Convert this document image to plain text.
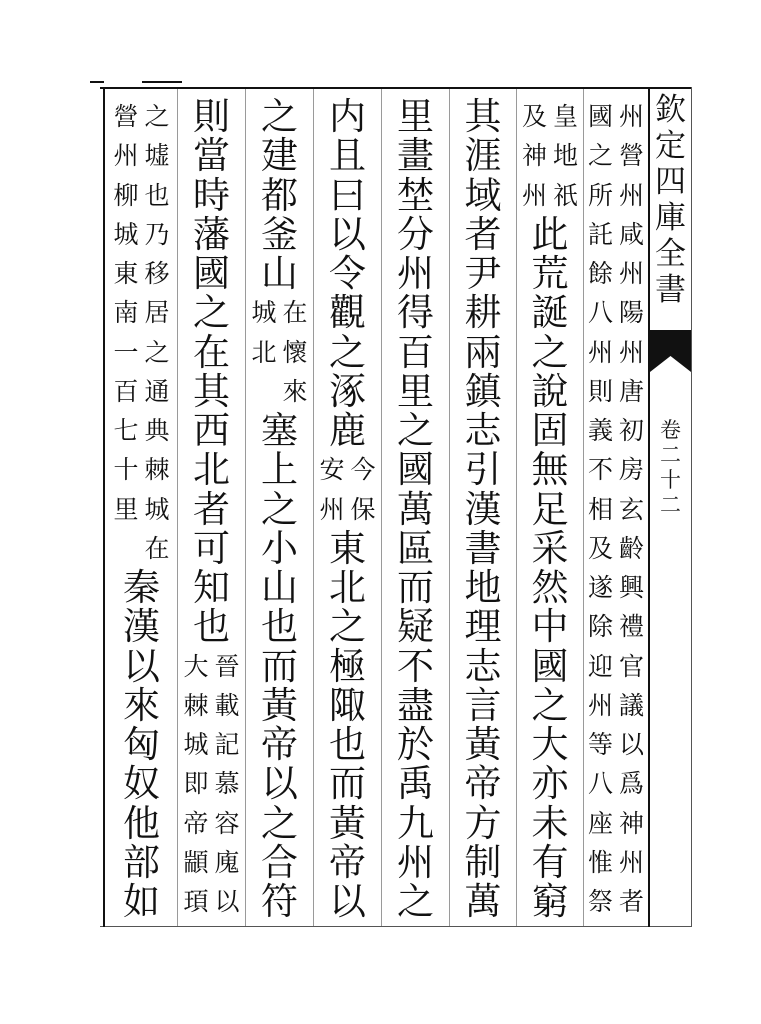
欽
定
四
庫
全
書
卷
二
十
二
州
營
州
咸
州
陽
州
唐
初
房
玄
齡
興
禮
官
議
以
爲
神
州
者
國
之
所
託
餘
八
州
則
義
不
相
及
遂
除
迎
州
等
八
座
惟
祭
皇
地
祇
及
神
州
此
荒
誕
之
說
固
無
足
采
然
中
國
之
大
亦
未
有
窮
其
涯
域
者
尹
耕
兩
鎮
志
引
漢
書
地
理
志
言
黃
帝
方
制
萬
里
畫
埜
分
州
得
百
里
之
國
萬
區
而
疑
不
盡
於
禹
九
州
之
内
且
曰
以
令
觀
之
涿
鹿
今
保
安
州
東
北
之
極
陬
也
而
黃
帝
以
之
建
都
釜
山
在
懷
來
城
北
塞
上
之
小
山
也
而
黃
帝
以
之
合
符
則
當
時
藩
國
之
在
其
西
北
者
可
知
也
晉
載
記
慕
容
廆
以
大
棘
城
即
帝
顓
頊
之
墟
也
乃
移
居
之
通
典
棘
城
在
營
州
柳
城
東
南
一
百
七
十
里
秦
漢
以
來
匈
奴
他
部
如
